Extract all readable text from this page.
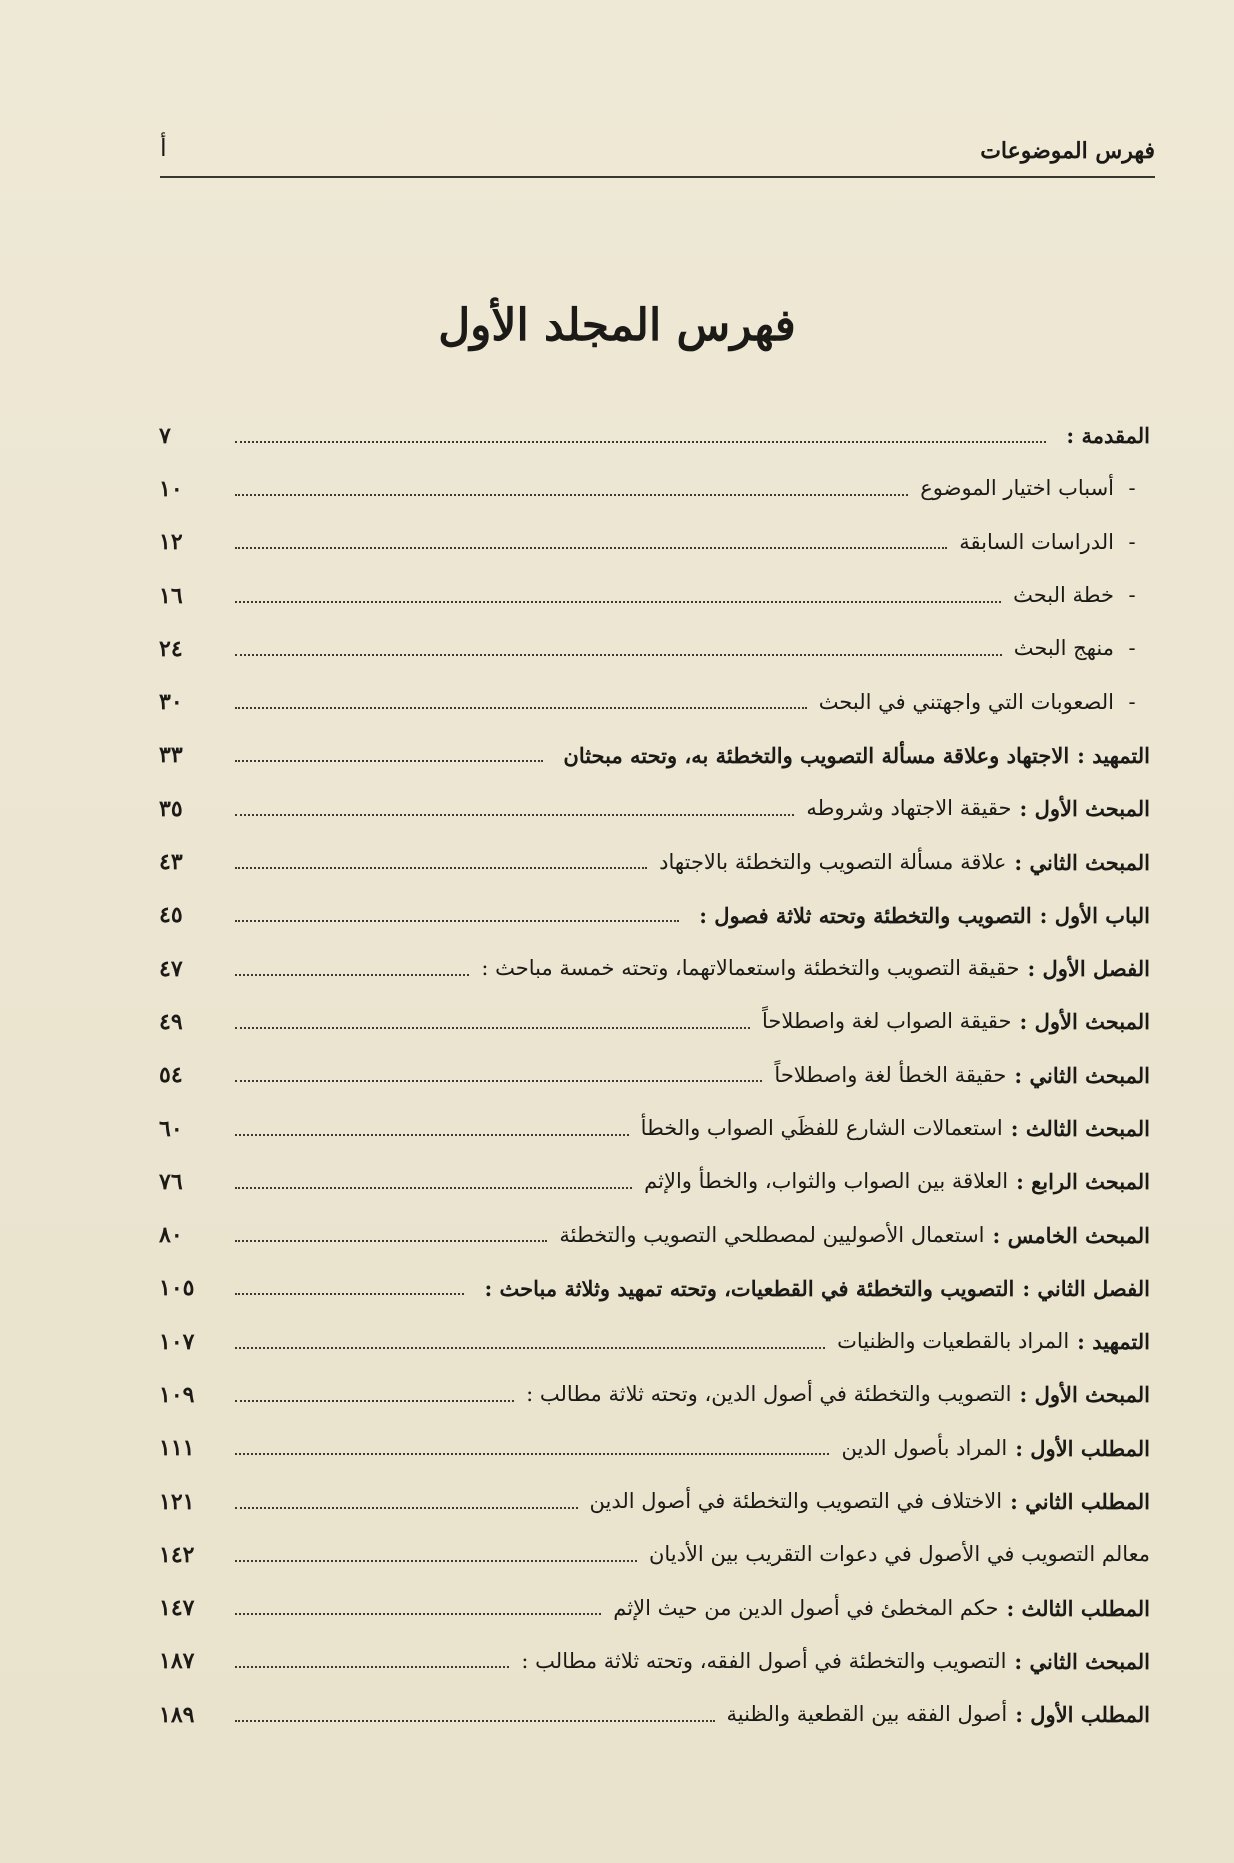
فهرس الموضوعات
أ
فهرس المجلد الأول
المقدمة :
٧
-
أسباب اختيار الموضوع
١٠
-
الدراسات السابقة
١٢
-
خطة البحث
١٦
-
منهج البحث
٢٤
-
الصعوبات التي واجهتني في البحث
٣٠
التمهيد :
الاجتهاد وعلاقة مسألة التصويب والتخطئة به، وتحته مبحثان
٣٣
المبحث الأول :
حقيقة الاجتهاد وشروطه
٣٥
المبحث الثاني :
علاقة مسألة التصويب والتخطئة بالاجتهاد
٤٣
الباب الأول :
التصويب والتخطئة وتحته ثلاثة فصول :
٤٥
الفصل الأول :
حقيقة التصويب والتخطئة واستعمالاتهما، وتحته خمسة مباحث :
٤٧
المبحث الأول :
حقيقة الصواب لغة واصطلاحاً
٤٩
المبحث الثاني :
حقيقة الخطأ لغة واصطلاحاً
٥٤
المبحث الثالث :
استعمالات الشارع للفظَي الصواب والخطأ
٦٠
المبحث الرابع :
العلاقة بين الصواب والثواب، والخطأ والإثم
٧٦
المبحث الخامس :
استعمال الأصوليين لمصطلحي التصويب والتخطئة
٨٠
الفصل الثاني :
التصويب والتخطئة في القطعيات، وتحته تمهيد وثلاثة مباحث :
١٠٥
التمهيد :
المراد بالقطعيات والظنيات
١٠٧
المبحث الأول :
التصويب والتخطئة في أصول الدين، وتحته ثلاثة مطالب :
١٠٩
المطلب الأول :
المراد بأصول الدين
١١١
المطلب الثاني :
الاختلاف في التصويب والتخطئة في أصول الدين
١٢١
معالم التصويب في الأصول في دعوات التقريب بين الأديان
١٤٢
المطلب الثالث :
حكم المخطئ في أصول الدين من حيث الإثم
١٤٧
المبحث الثاني :
التصويب والتخطئة في أصول الفقه، وتحته ثلاثة مطالب :
١٨٧
المطلب الأول :
أصول الفقه بين القطعية والظنية
١٨٩
